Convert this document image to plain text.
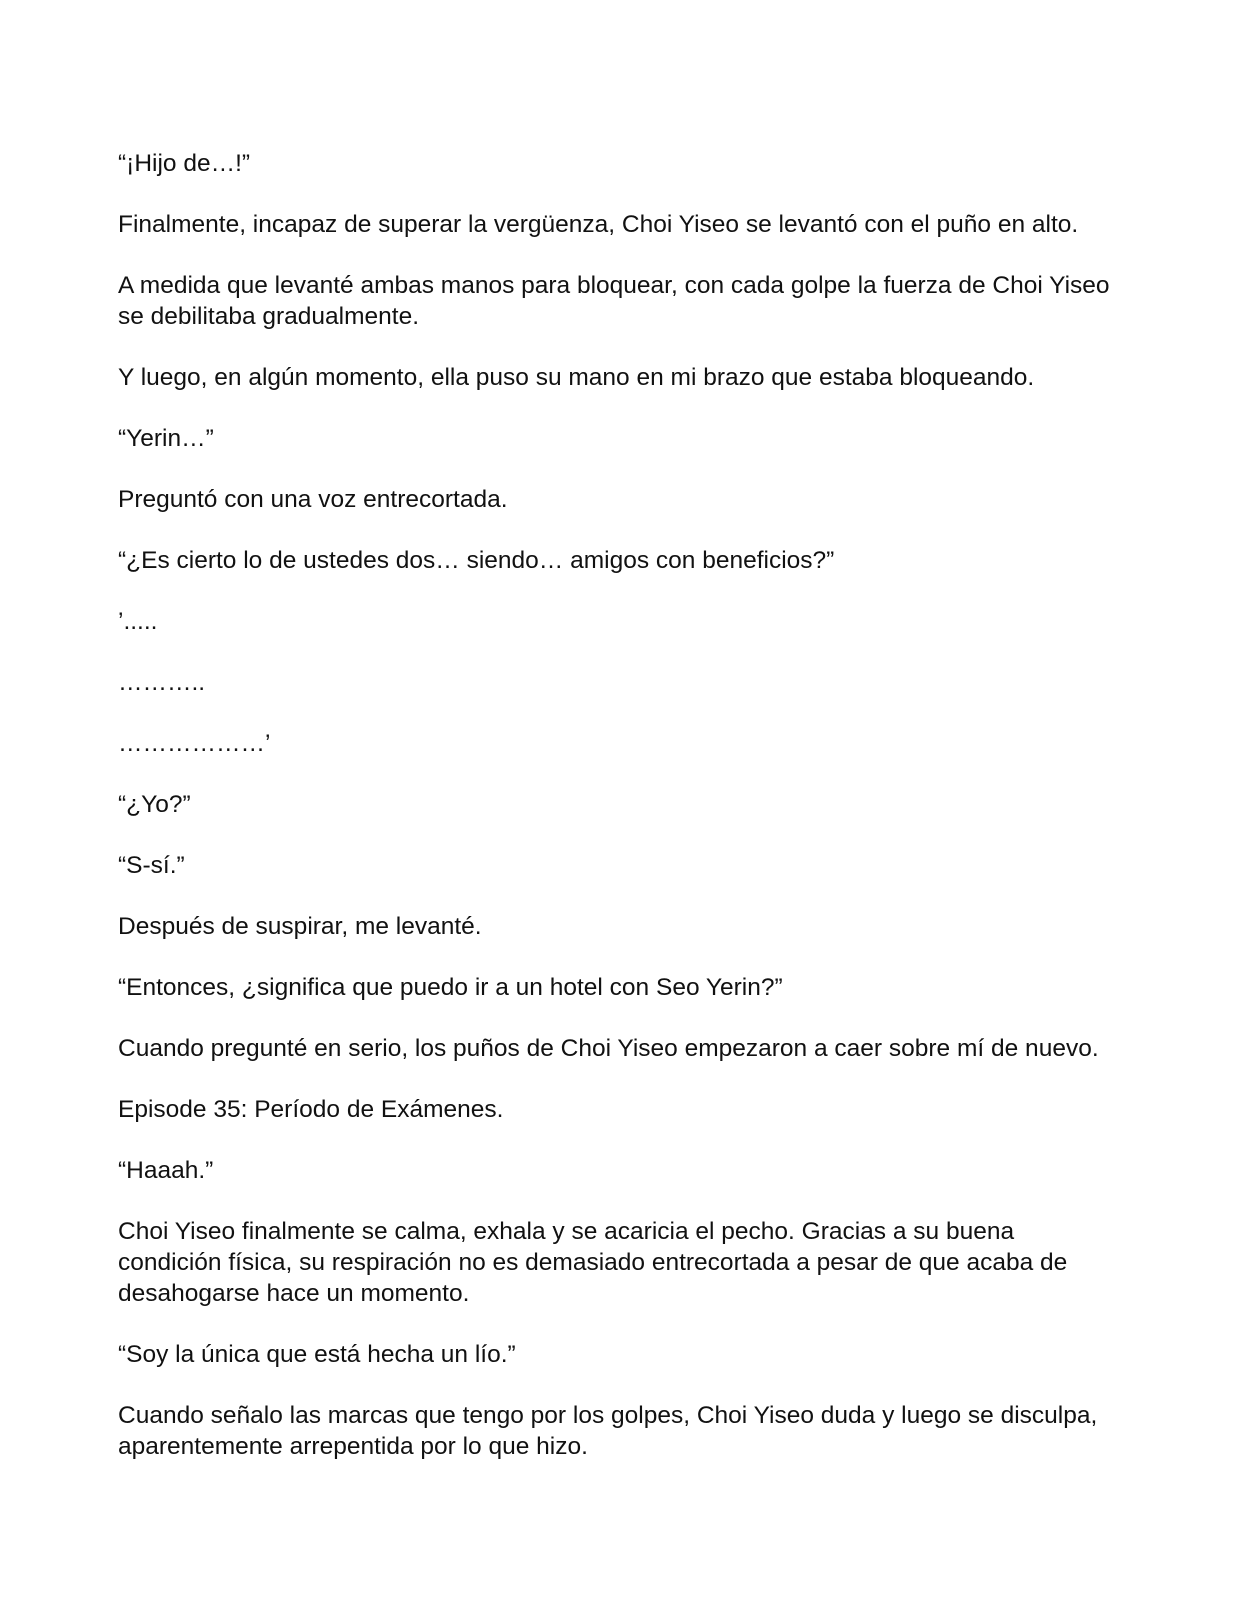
“¡Hijo de…!”

Finalmente, incapaz de superar la vergüenza, Choi Yiseo se levantó con el puño en alto.

A medida que levanté ambas manos para bloquear, con cada golpe la fuerza de Choi Yiseo se debilitaba gradualmente.

Y luego, en algún momento, ella puso su mano en mi brazo que estaba bloqueando.

“Yerin…”

Preguntó con una voz entrecortada.

“¿Es cierto lo de ustedes dos… siendo… amigos con beneficios?”

’.....

………..

………………’

“¿Yo?”

“S-sí.”

Después de suspirar, me levanté.

“Entonces, ¿significa que puedo ir a un hotel con Seo Yerin?”

Cuando pregunté en serio, los puños de Choi Yiseo empezaron a caer sobre mí de nuevo.

Episode 35: Período de Exámenes.

“Haaah.”

Choi Yiseo finalmente se calma, exhala y se acaricia el pecho. Gracias a su buena condición física, su respiración no es demasiado entrecortada a pesar de que acaba de desahogarse hace un momento.

“Soy la única que está hecha un lío.”

Cuando señalo las marcas que tengo por los golpes, Choi Yiseo duda y luego se disculpa, aparentemente arrepentida por lo que hizo.
